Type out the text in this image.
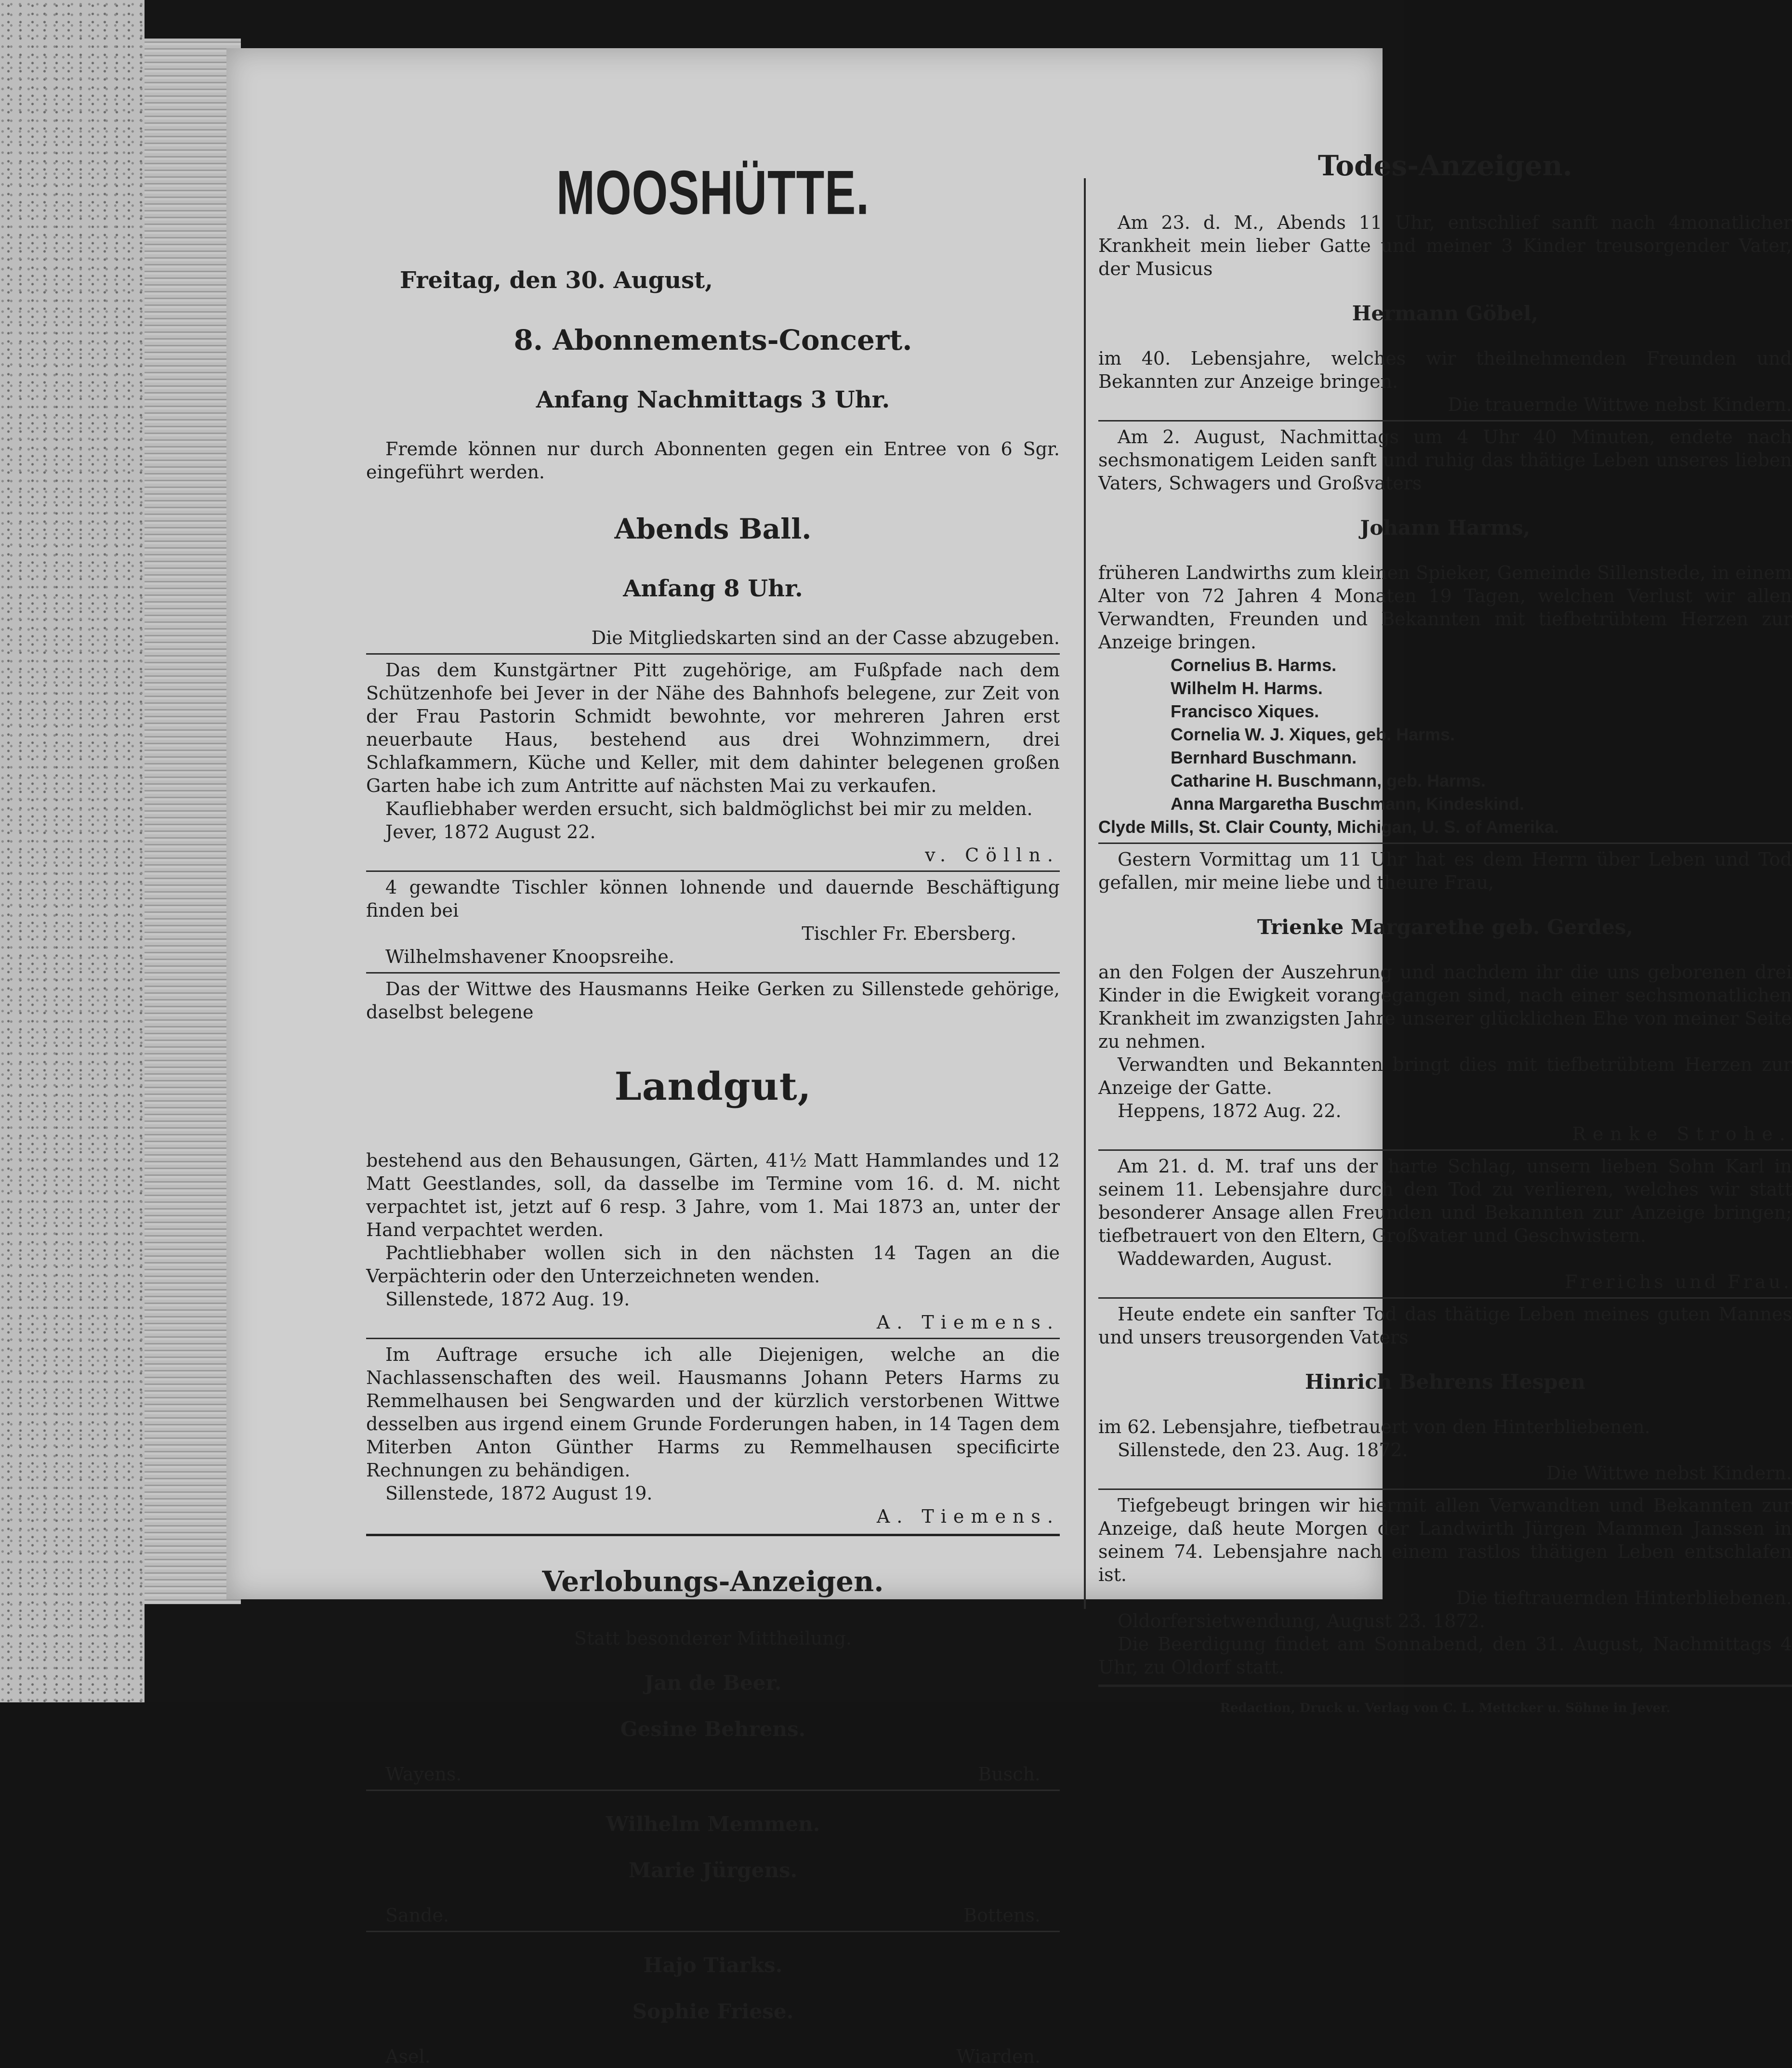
MOOSHÜTTE.

Freitag, den 30. August,

8. Abonnements-Concert.

Anfang Nachmittags 3 Uhr.

Fremde können nur durch Abonnenten gegen ein Entree von 6 Sgr. eingeführt werden.

Abends Ball.

Anfang 8 Uhr.

Die Mitgliedskarten sind an der Casse abzugeben.

Das dem Kunstgärtner Pitt zugehörige, am Fußpfade nach dem Schützenhofe bei Jever in der Nähe des Bahnhofs belegene, zur Zeit von der Frau Pastorin Schmidt bewohnte, vor mehreren Jahren erst neuerbaute Haus, bestehend aus drei Wohnzimmern, drei Schlafkammern, Küche und Keller, mit dem dahinter belegenen großen Garten habe ich zum Antritte auf nächsten Mai zu verkaufen.

Kaufliebhaber werden ersucht, sich baldmöglichst bei mir zu melden.

Jever, 1872 August 22.

v. Cölln.

4 gewandte Tischler können lohnende und dauernde Beschäftigung finden bei

Tischler Fr. Ebersberg.

Wilhelmshavener Knoopsreihe.

Das der Wittwe des Hausmanns Heike Gerken zu Sillenstede gehörige, daselbst belegene

Landgut,

bestehend aus den Behausungen, Gärten, 41½ Matt Hammlandes und 12 Matt Geestlandes, soll, da dasselbe im Termine vom 16. d. M. nicht verpachtet ist, jetzt auf 6 resp. 3 Jahre, vom 1. Mai 1873 an, unter der Hand verpachtet werden.

Pachtliebhaber wollen sich in den nächsten 14 Tagen an die Verpächterin oder den Unterzeichneten wenden.

Sillenstede, 1872 Aug. 19.

A. Tiemens.

Im Auftrage ersuche ich alle Diejenigen, welche an die Nachlassenschaften des weil. Hausmanns Johann Peters Harms zu Remmelhausen bei Sengwarden und der kürzlich verstorbenen Wittwe desselben aus irgend einem Grunde Forderungen haben, in 14 Tagen dem Miterben Anton Günther Harms zu Remmelhausen specificirte Rechnungen zu behändigen.

Sillenstede, 1872 August 19.

A. Tiemens.

Verlobungs-Anzeigen.

Statt besonderer Mittheilung.

Jan de Beer.

Gesine Behrens.

Wayens.	Busch.

Wilhelm Memmen.

Marie Jürgens.

Sande.	Bottens.

Hajo Tiarks.

Sophie Friese.

Asel.	Wiarden.

Todes-Anzeigen.

Am 23. d. M., Abends 11 Uhr, entschlief sanft nach 4monatlicher Krankheit mein lieber Gatte und meiner 3 Kinder treusorgender Vater, der Musicus

Hermann Göbel,

im 40. Lebensjahre, welches wir theilnehmenden Freunden und Bekannten zur Anzeige bringen.

Die trauernde Wittwe nebst Kindern.

Am 2. August, Nachmittags um 4 Uhr 40 Minuten, endete nach sechsmonatigem Leiden sanft und ruhig das thätige Leben unseres lieben Vaters, Schwagers und Großvaters

Johann Harms,

früheren Landwirths zum kleinen Spieker, Gemeinde Sillenstede, in einem Alter von 72 Jahren 4 Monaten 19 Tagen, welchen Verlust wir allen Verwandten, Freunden und Bekannten mit tiefbetrübtem Herzen zur Anzeige bringen.

Cornelius B. Harms.

Wilhelm H. Harms.

Francisco Xiques.

Cornelia W. J. Xiques, geb. Harms.

Bernhard Buschmann.

Catharine H. Buschmann, geb. Harms.

Anna Margaretha Buschmann, Kindeskind.

Clyde Mills, St. Clair County, Michigan, U. S. of Amerika.

Gestern Vormittag um 11 Uhr hat es dem Herrn über Leben und Tod gefallen, mir meine liebe und theure Frau,

Trienke Margarethe geb. Gerdes,

an den Folgen der Auszehrung und nachdem ihr die uns geborenen drei Kinder in die Ewigkeit vorangegangen sind, nach einer sechsmonatlichen Krankheit im zwanzigsten Jahre unserer glücklichen Ehe von meiner Seite zu nehmen.

Verwandten und Bekannten bringt dies mit tiefbetrübtem Herzen zur Anzeige der Gatte.

Heppens, 1872 Aug. 22.

Renke Strohe.

Am 21. d. M. traf uns der harte Schlag, unsern lieben Sohn Karl in seinem 11. Lebensjahre durch den Tod zu verlieren, welches wir statt besonderer Ansage allen Freunden und Bekannten zur Anzeige bringen; tiefbetrauert von den Eltern, Großvater und Geschwistern.

Waddewarden, August.

Frerichs und Frau.

Heute endete ein sanfter Tod das thätige Leben meines guten Mannes und unsers treusorgenden Vaters

Hinrich Behrens Hespen

im 62. Lebensjahre, tiefbetrauert von den Hinterbliebenen.

Sillenstede, den 23. Aug. 1872.

Die Wittwe nebst Kindern.

Tiefgebeugt bringen wir hiermit allen Verwandten und Bekannten zur Anzeige, daß heute Morgen der Landwirth Jürgen Mammen Janssen in seinem 74. Lebensjahre nach einem rastlos thätigen Leben entschlafen ist.

Die tieftrauernden Hinterbliebenen.

Oldorfersietwendung, August 23. 1872.

Die Beerdigung findet am Sonnabend, den 31. August, Nachmittags 4 Uhr, zu Oldorf statt.

Redaction, Druck u. Verlag von C. L. Mettcker u. Söhne in Jever.
